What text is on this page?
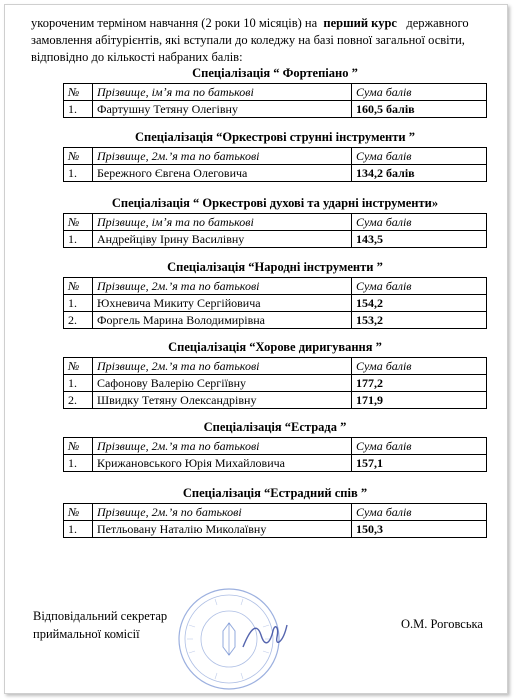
укороченим терміном навчання (2 роки 10 місяців) на перший курс державного
замовлення абітурієнтів, які вступали до коледжу на базі повної загальної освіти,
відповідно до кількості набраних балів:
Спеціалізація “ Фортепіано ”
№	Прізвище, імʼя та по батькові	Сума балів
1.	Фартушну Тетяну Олегівну	160,5 балів
Спеціалізація “Оркестрові струнні інструменти ”
№	Прізвище, 2м.’я та по батькові	Сума балів
1.	Бережного Євгена Олеговича	134,2 балів
Спеціалізація “ Оркестрові духові та ударні інструменти»
№	Прізвище, імʼя та по батькові	Сума балів
1.	Андрейціву Ірину Василівну	143,5
Спеціалізація “Народні інструменти ”
№	Прізвище, 2м.’я та по батькові	Сума балів
1.	Юхневича Микиту Сергійовича	154,2
2.	Форгель Марина Володимирівна	153,2
Спеціалізація “Хорове диригування ”
№	Прізвище, 2м.’я та по батькові	Сума балів
1.	Сафонову Валерію Сергіївну	177,2
2.	Швидку Тетяну Олександрівну	171,9
Спеціалізація “Естрада ”
№	Прізвище, 2м.’я та по батькові	Сума балів
1.	Крижановського Юрія Михайловича	157,1
Спеціалізація “Естрадний спів ”
№	Прізвище, 2м.’я по батькові	Сума балів
1.	Петльовану Наталію Миколаївну	150,3
Відповідальний секретар
приймальної комісії
О.М. Роговська
